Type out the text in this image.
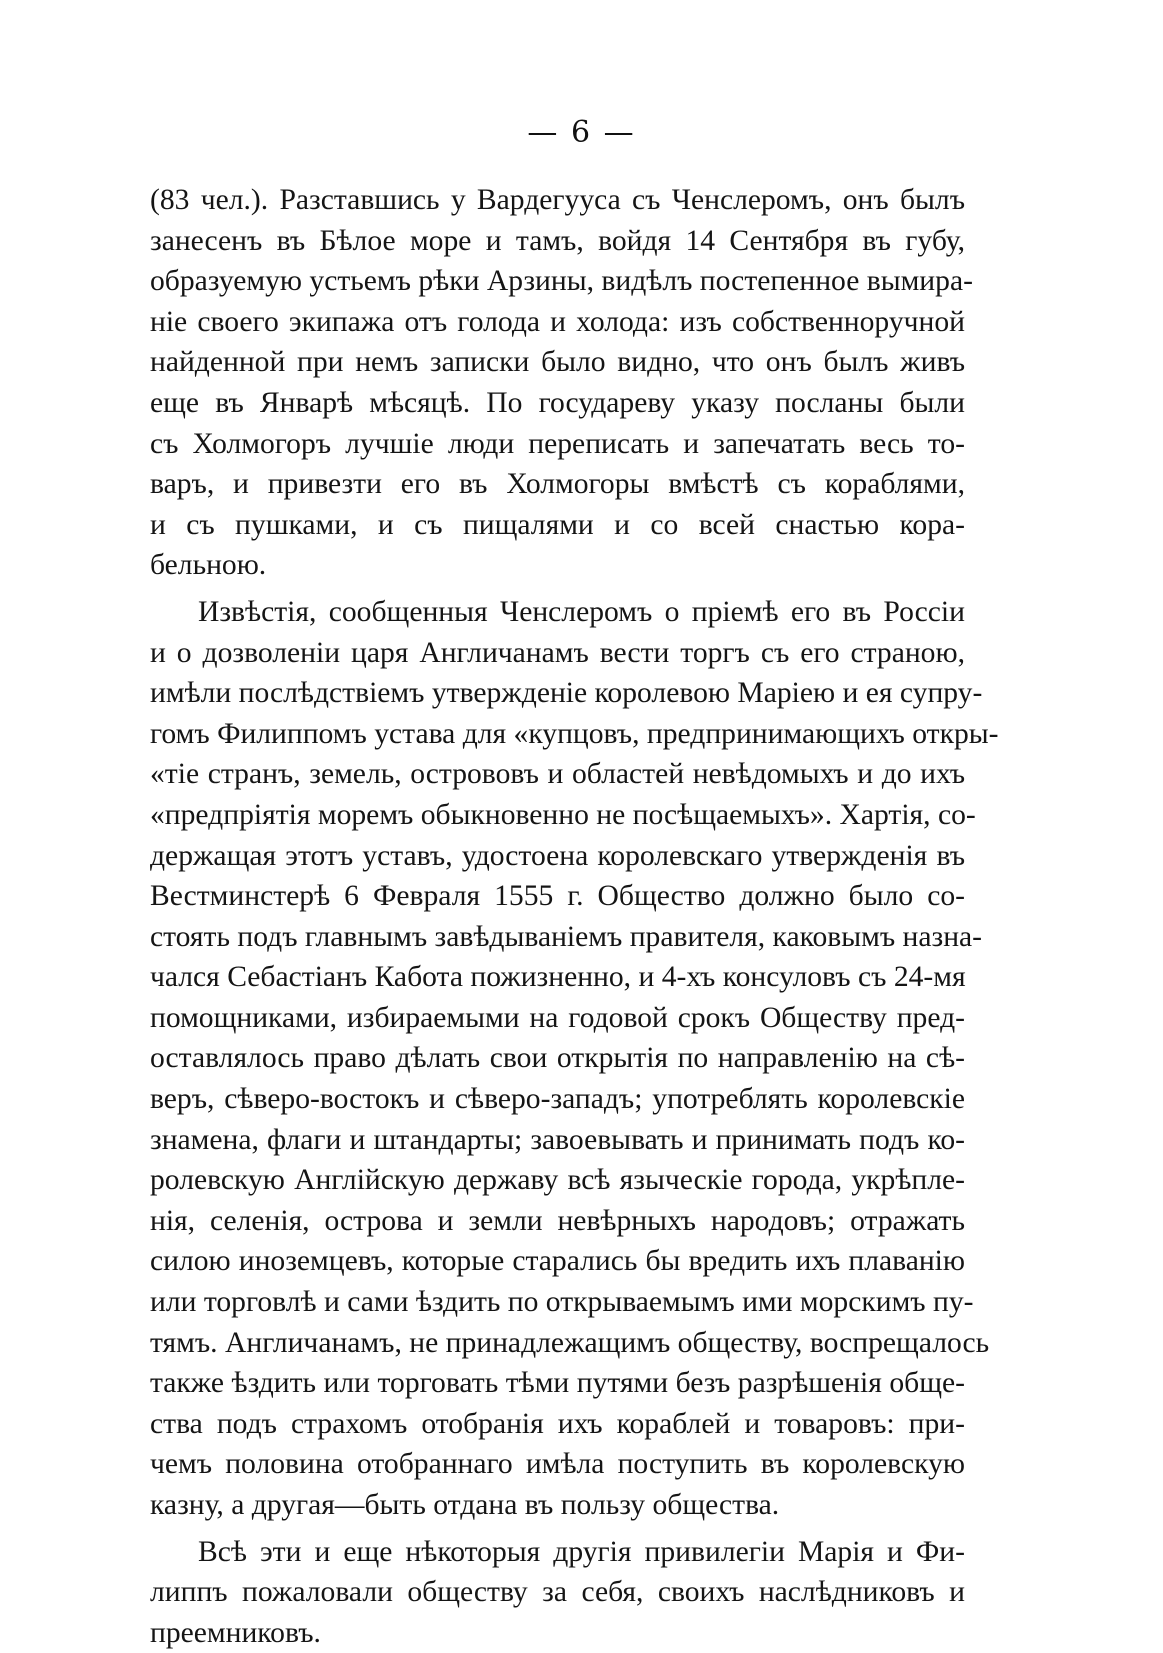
— 6 —
(83 чел.). Разставшись у Вардегууса съ Ченслеромъ, онъ былъ
занесенъ въ Бѣлое море и тамъ, войдя 14 Сентября въ губу,
образуемую устьемъ рѣки Арзины, видѣлъ постепенное вымира-
ніе своего экипажа отъ голода и холода: изъ собственноручной
найденной при немъ записки было видно, что онъ былъ живъ
еще въ Январѣ мѣсяцѣ. По государеву указу посланы были
съ Холмогоръ лучшіе люди переписать и запечатать весь то-
варъ, и привезти его въ Холмогоры вмѣстѣ съ кораблями,
и съ пушками, и съ пищалями и со всей снастью кора-
бельною.
Извѣстія, сообщенныя Ченслеромъ о пріемѣ его въ Россіи
и о дозволеніи царя Англичанамъ вести торгъ съ его страною,
имѣли послѣдствіемъ утвержденіе королевою Маріею и ея супру-
гомъ Филиппомъ устава для «купцовъ, предпринимающихъ откры-
«тіе странъ, земель, острововъ и областей невѣдомыхъ и до ихъ
«предпріятія моремъ обыкновенно не посѣщаемыхъ». Хартія, со-
держащая этотъ уставъ, удостоена королевскаго утвержденія въ
Вестминстерѣ 6 Февраля 1555 г. Общество должно было со-
стоять подъ главнымъ завѣдываніемъ правителя, каковымъ назна-
чался Себастіанъ Кабота пожизненно, и 4-хъ консуловъ съ 24-мя
помощниками, избираемыми на годовой срокъ Обществу пред-
оставлялось право дѣлать свои открытія по направленію на сѣ-
веръ, сѣверо-востокъ и сѣверо-западъ; употреблять королевскіе
знамена, флаги и штандарты; завоевывать и принимать подъ ко-
ролевскую Англійскую державу всѣ языческіе города, укрѣпле-
нія, селенія, острова и земли невѣрныхъ народовъ; отражать
силою иноземцевъ, которые старались бы вредить ихъ плаванію
или торговлѣ и сами ѣздить по открываемымъ ими морскимъ пу-
тямъ. Англичанамъ, не принадлежащимъ обществу, воспрещалось
также ѣздить или торговать тѣми путями безъ разрѣшенія обще-
ства подъ страхомъ отобранія ихъ кораблей и товаровъ: при-
чемъ половина отобраннаго имѣла поступить въ королевскую
казну, а другая—быть отдана въ пользу общества.
Всѣ эти и еще нѣкоторыя другія привилегіи Марія и Фи-
липпъ пожаловали обществу за себя, своихъ наслѣдниковъ и
преемниковъ.
